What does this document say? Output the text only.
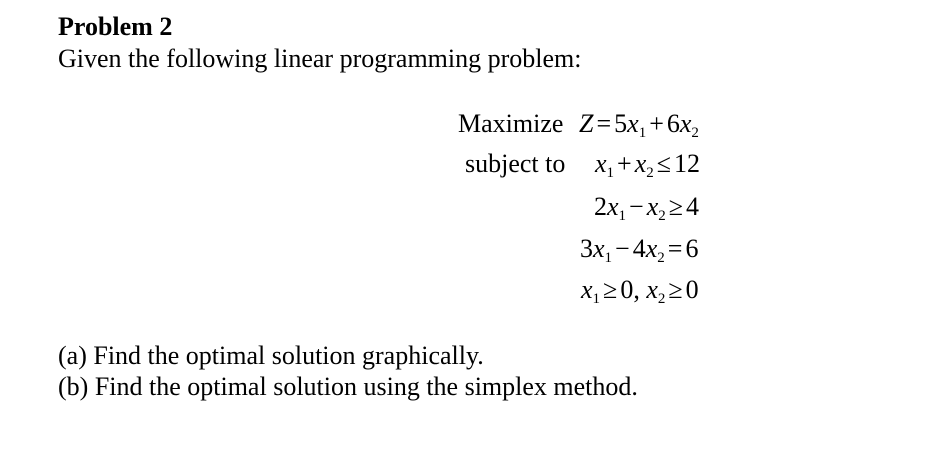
Problem 2
Given the following linear programming problem:
Maximize $Z = 5x_1 + 6x_2$
subject to $x_1 + x_2 \le 12$
$2x_1 - x_2 \ge 4$
$3x_1 - 4x_2 = 6$
$x_1 \ge 0$, $x_2 \ge 0$
(a) Find the optimal solution graphically.
(b) Find the optimal solution using the simplex method.
